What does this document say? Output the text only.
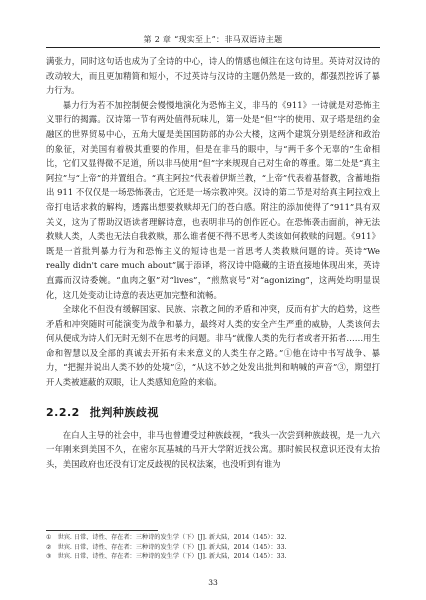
第 2 章 “现实至上”：非马双语诗主题

满张力，同时这句话也成为了全诗的中心，诗人的情感也倾注在这句诗里。英诗对汉诗的改动较大，而且更加精简和短小，不过英诗与汉诗的主题仍然是一致的，都强烈控诉了暴力行为。

暴力行为若不加控制便会慢慢地演化为恐怖主义，非马的《911》一诗就是对恐怖主义罪行的揭露。汉诗第一节有两处值得玩味儿，第一处是“但”字的使用、双子塔是纽约金融区的世界贸易中心，五角大厦是美国国防部的办公大楼，这两个建筑分别是经济和政治的象征，对美国有着极其重要的作用，但是在非马的眼中，与“两千多个无辜的”生命相比，它们又显得微不足道，所以非马使用“但”字来规现自己对生命的尊重。第二处是“真主阿拉”与“上帝”的并置组合。“真主阿拉”代表着伊斯兰教，“上帝”代表着基督教，含蓄地指出 911 不仅仅是一场恐怖袭击，它还是一场宗教冲突。汉诗的第二节是对给真主阿拉戏上帝打电话求救的解构，透露出想要救赎却无门的苍白感。附注的添加使得了“911”具有双关义，这为了帮助汉语读者理解诗意，也表明非马的创作匠心。在恐怖袭击面前，神无法救赎人类，人类也无法自我救赎，那么谁者便不得不思考人类该如何救赎的问题。《911》既是一首批判暴力行为和恐怖主义的短诗也是一首思考人类救赎问题的诗。英诗“We really didn't care much about”属于添译，将汉诗中隐藏的主语直接地体现出来，英诗直露而汉诗委婉。“血肉之躯”对“lives”，“煎熬哀号”对“agonizing”，这两处均明显误化，这几处变动让诗意的表达更加完整和流畅。

全球化不但没有缓解国家、民族、宗教之间的矛盾和冲突，反而有扩大的趋势，这些矛盾和冲突随时可能演变为战争和暴力，最终对人类的安全产生严重的威胁，人类该何去何从便成为诗人们无时无刻不在思考的问题。非马“就像人类的先行者或者开拓者……用生命和智慧以及全部的真诚去开拓有未来意义的人类生存之路。”①他在诗中书写战争、暴力，“把握并说出人类不妙的处境”②，“从这不妙之处发出批判和呐喊的声音”③，期望打开人类被遮蔽的双眼，让人类感知危险的来临。

2.2.2 批判种族歧视

在白人主导的社会中，非马也曾遭受过种族歧视，“我头一次尝到种族歧视，是一九六一年刚来到美国不久，在密尔瓦基城的马开大学附近找公寓。那时候民权意识还没有太抬头，美国政府也还没有订定反歧视的民权法案，也没听到有谁为

① 世宾. 日常、诗性、存在者：三种诗的发生学（下）[J]. 新大陆，2014（145）：32.
② 世宾. 日常、诗性、存在者：三种诗的发生学（下）[J]. 新大陆，2014（145）：33.
③ 世宾. 日常、诗性、存在者：三种诗的发生学（下）[J]. 新大陆，2014（145）：33.
33
